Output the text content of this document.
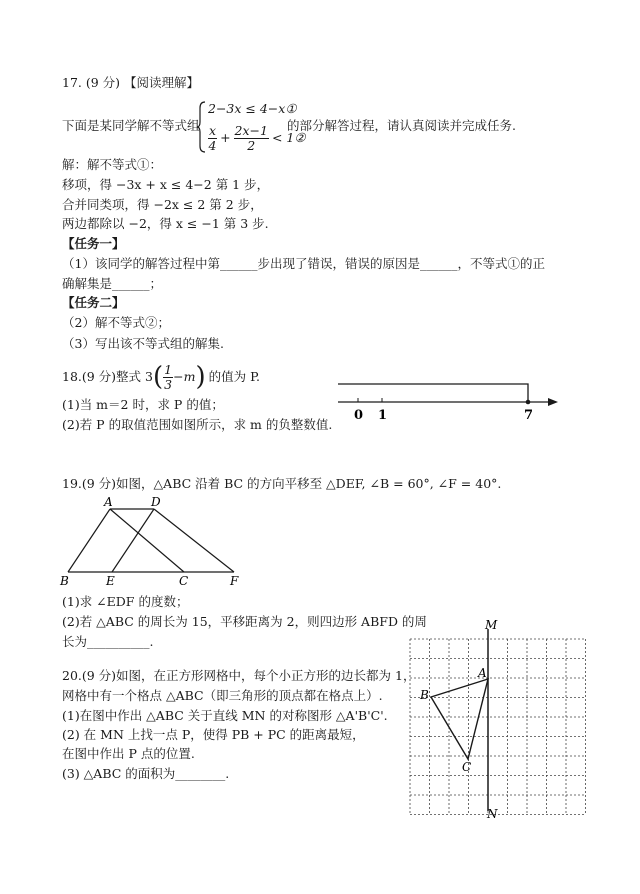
17. (9 分) 【阅读理解】
下面是某同学解不等式组
2−3x ≤ 4−x①
$\frac{x}{4} + \frac{2x-1}{2}$ < 1②
的部分解答过程，请认真阅读并完成任务.
解：解不等式①：
移项，得 −3x + x ≤ 4−2 第 1 步，
合并同类项，得 −2x ≤ 2 第 2 步，
两边都除以 −2，得 x ≤ −1 第 3 步.
【任务一】
（1）该同学的解答过程中第______步出现了错误，错误的原因是______，不等式①的正
确解集是______；
【任务二】
（2）解不等式②；
（3）写出该不等式组的解集.
18.(9 分)整式 3 ( $\frac{1}{3} -m$ ) 的值为 P.
(1)当 m＝2 时，求 P 的值；
(2)若 P 的取值范围如图所示，求 m 的负整数值.
0 1	7
19.(9 分)如图，△ABC 沿着 BC 的方向平移至 △DEF, ∠B = 60°, ∠F = 40°.
A	D
B	E	C	F
(1)求 ∠EDF 的度数；
(2)若 △ABC 的周长为 15，平移距离为 2，则四边形 ABFD 的周
长为__________.
20.(9 分)如图，在正方形网格中，每个小正方形的边长都为 1，
网格中有一个格点 △ABC（即三角形的顶点都在格点上）.
(1)在图中作出 △ABC 关于直线 MN 的对称图形 △A'B'C'.
(2) 在 MN 上找一点 P，使得 PB + PC 的距离最短，
在图中作出 P 点的位置.
(3) △ABC 的面积为________.
M
N
A
B
C
